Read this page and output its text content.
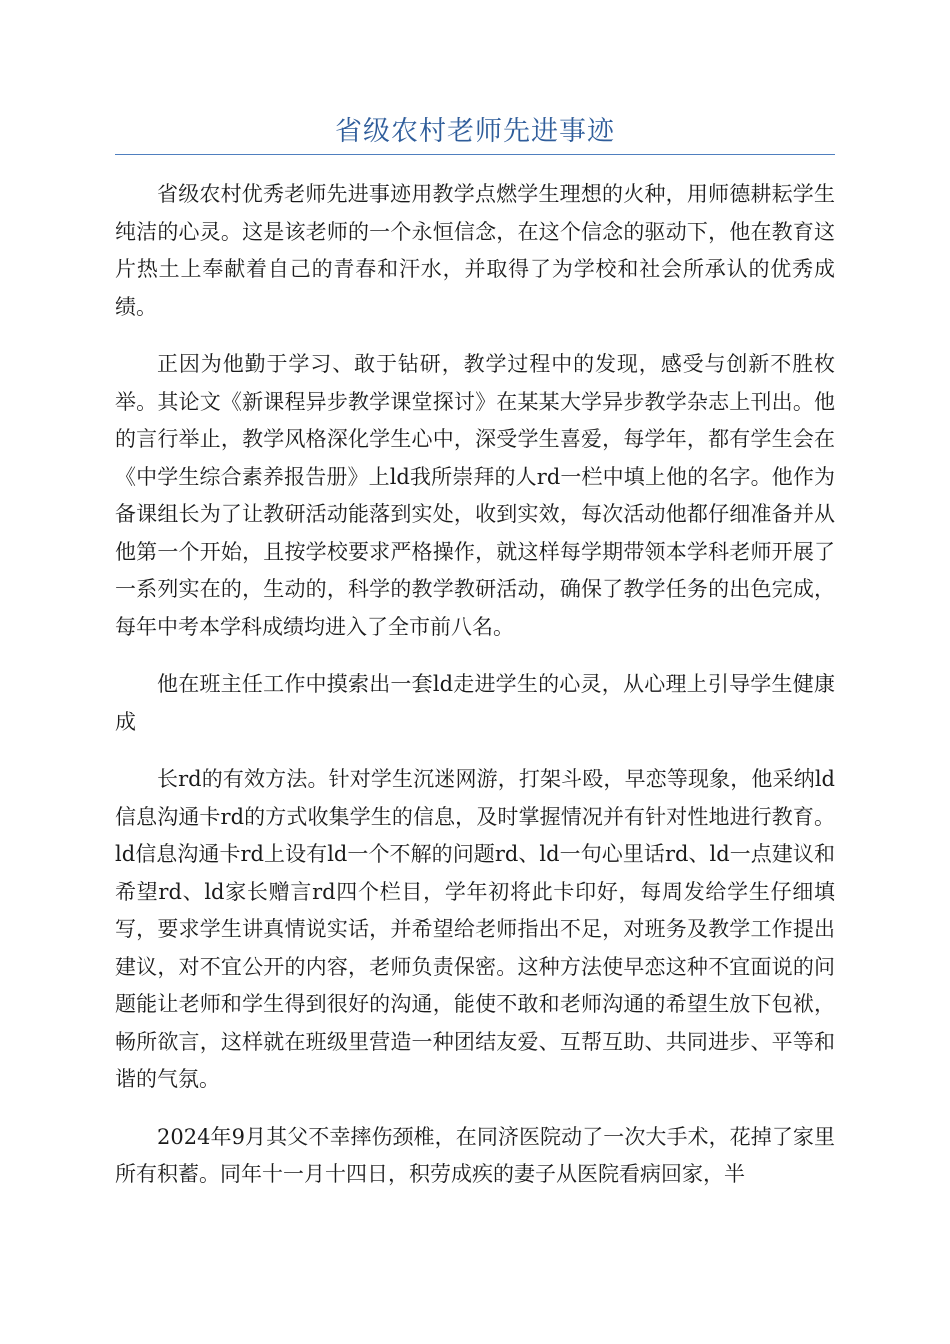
省级农村老师先进事迹

省级农村优秀老师先进事迹用教学点燃学生理想的火种，用师德耕耘学生纯洁的心灵。这是该老师的一个永恒信念，在这个信念的驱动下，他在教育这片热土上奉献着自己的青春和汗水，并取得了为学校和社会所承认的优秀成绩。

正因为他勤于学习、敢于钻研，教学过程中的发现，感受与创新不胜枚举。其论文《新课程异步教学课堂探讨》在某某大学异步教学杂志上刊出。他的言行举止，教学风格深化学生心中，深受学生喜爱，每学年，都有学生会在《中学生综合素养报告册》上ld我所崇拜的人rd一栏中填上他的名字。他作为备课组长为了让教研活动能落到实处，收到实效，每次活动他都仔细准备并从他第一个开始，且按学校要求严格操作，就这样每学期带领本学科老师开展了一系列实在的，生动的，科学的教学教研活动，确保了教学任务的出色完成，每年中考本学科成绩均进入了全市前八名。

他在班主任工作中摸索出一套ld走进学生的心灵，从心理上引导学生健康成

长rd的有效方法。针对学生沉迷网游，打架斗殴，早恋等现象，他采纳ld信息沟通卡rd的方式收集学生的信息，及时掌握情况并有针对性地进行教育。ld信息沟通卡rd上设有ld一个不解的问题rd、ld一句心里话rd、ld一点建议和希望rd、ld家长赠言rd四个栏目，学年初将此卡印好，每周发给学生仔细填写，要求学生讲真情说实话，并希望给老师指出不足，对班务及教学工作提出建议，对不宜公开的内容，老师负责保密。这种方法使早恋这种不宜面说的问题能让老师和学生得到很好的沟通，能使不敢和老师沟通的希望生放下包袱，畅所欲言，这样就在班级里营造一种团结友爱、互帮互助、共同进步、平等和谐的气氛。

2024年9月其父不幸摔伤颈椎，在同济医院动了一次大手术，花掉了家里所有积蓄。同年十一月十四日，积劳成疾的妻子从医院看病回家，半
